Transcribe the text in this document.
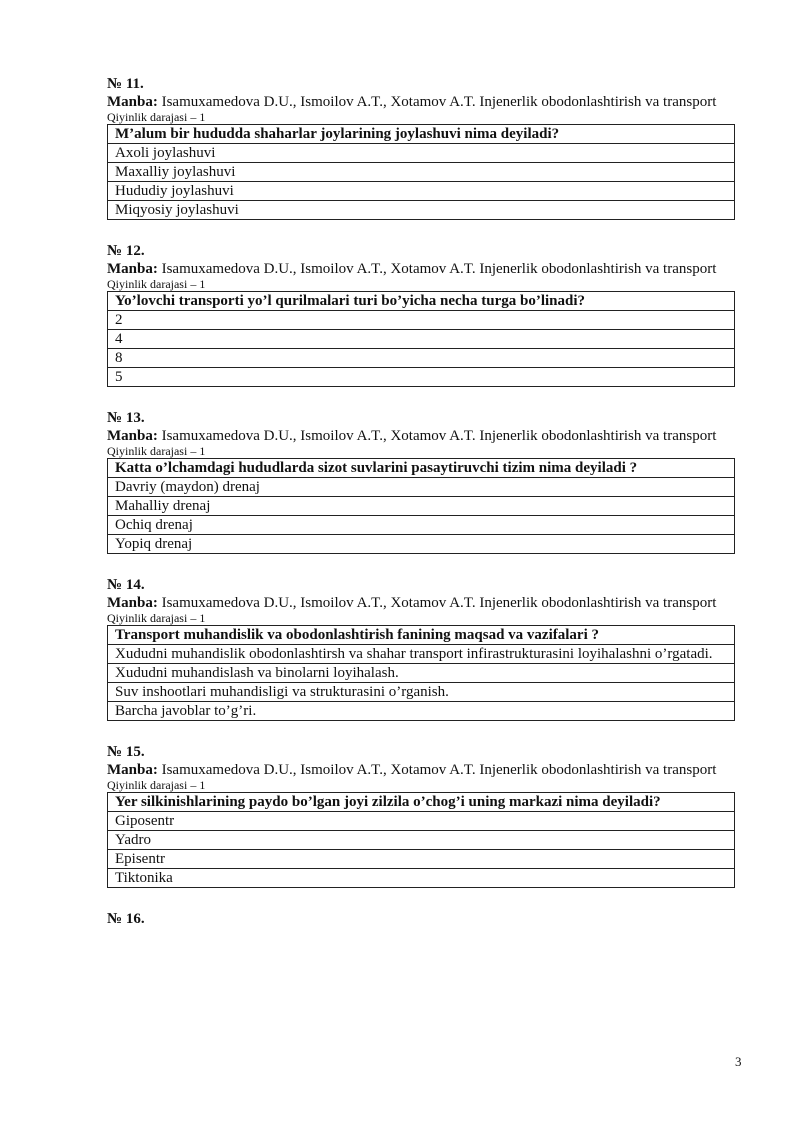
№ 11.
Manba: Isamuxamedova D.U., Ismoilov A.T., Xotamov A.T. Injenerlik obodonlashtirish va transport
Qiyinlik darajasi – 1
M’alum bir hududda shaharlar joylarining joylashuvi nima deyiladi?
Axoli joylashuvi
Maxalliy joylashuvi
Hududiy joylashuvi
Miqyosiy joylashuvi
№ 12.
Manba: Isamuxamedova D.U., Ismoilov A.T., Xotamov A.T. Injenerlik obodonlashtirish va transport
Qiyinlik darajasi – 1
Yo’lovchi transporti yo’l qurilmalari turi bo’yicha necha turga bo’linadi?
2
4
8
5
№ 13.
Manba: Isamuxamedova D.U., Ismoilov A.T., Xotamov A.T. Injenerlik obodonlashtirish va transport
Qiyinlik darajasi – 1
Katta o’lchamdagi hududlarda sizot suvlarini pasaytiruvchi tizim nima deyiladi ?
Davriy (maydon) drenaj
Mahalliy drenaj
Ochiq drenaj
Yopiq drenaj
№ 14.
Manba: Isamuxamedova D.U., Ismoilov A.T., Xotamov A.T. Injenerlik obodonlashtirish va transport
Qiyinlik darajasi – 1
Transport muhandislik va obodonlashtirish fanining maqsad va vazifalari ?
Xududni muhandislik obodonlashtirsh va shahar transport infirastrukturasini loyihalashni o’rgatadi.
Xududni muhandislash va binolarni loyihalash.
Suv inshootlari muhandisligi va strukturasini o’rganish.
Barcha javoblar to’g’ri.
№ 15.
Manba: Isamuxamedova D.U., Ismoilov A.T., Xotamov A.T. Injenerlik obodonlashtirish va transport
Qiyinlik darajasi – 1
Yer silkinishlarining paydo bo’lgan joyi zilzila o’chog’i uning markazi nima deyiladi?
Giposentr
Yadro
Episentr
Tiktonika
№ 16.
3
